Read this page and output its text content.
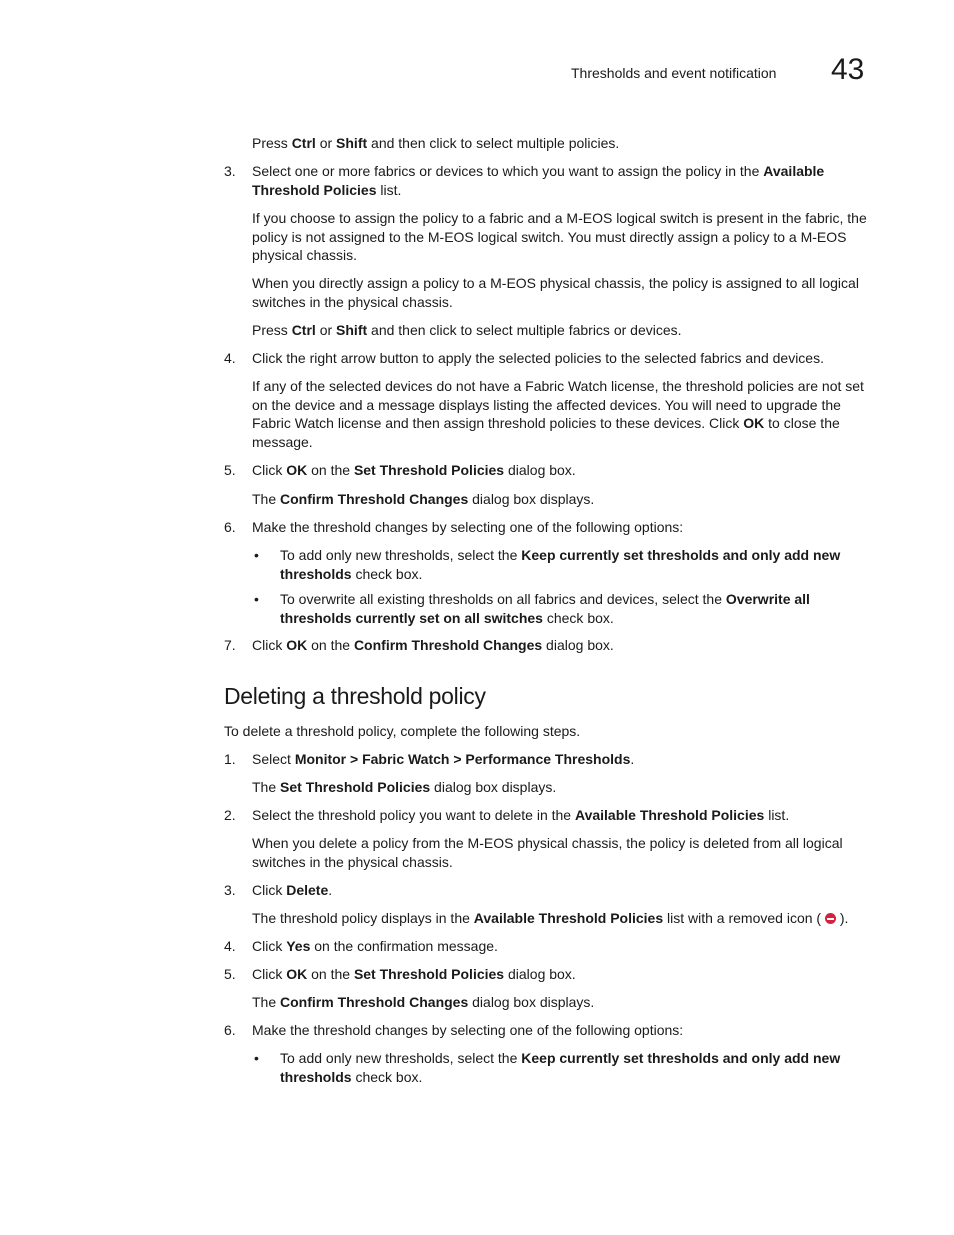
Thresholds and event notification 43

Press Ctrl or Shift and then click to select multiple policies.

3. Select one or more fabrics or devices to which you want to assign the policy in the Available Threshold Policies list.

If you choose to assign the policy to a fabric and a M-EOS logical switch is present in the fabric, the policy is not assigned to the M-EOS logical switch. You must directly assign a policy to a M-EOS physical chassis.

When you directly assign a policy to a M-EOS physical chassis, the policy is assigned to all logical switches in the physical chassis.

Press Ctrl or Shift and then click to select multiple fabrics or devices.

4. Click the right arrow button to apply the selected policies to the selected fabrics and devices.

If any of the selected devices do not have a Fabric Watch license, the threshold policies are not set on the device and a message displays listing the affected devices. You will need to upgrade the Fabric Watch license and then assign threshold policies to these devices. Click OK to close the message.

5. Click OK on the Set Threshold Policies dialog box.

The Confirm Threshold Changes dialog box displays.

6. Make the threshold changes by selecting one of the following options:

• To add only new thresholds, select the Keep currently set thresholds and only add new thresholds check box.

• To overwrite all existing thresholds on all fabrics and devices, select the Overwrite all thresholds currently set on all switches check box.

7. Click OK on the Confirm Threshold Changes dialog box.

Deleting a threshold policy

To delete a threshold policy, complete the following steps.

1. Select Monitor > Fabric Watch > Performance Thresholds.

The Set Threshold Policies dialog box displays.

2. Select the threshold policy you want to delete in the Available Threshold Policies list.

When you delete a policy from the M-EOS physical chassis, the policy is deleted from all logical switches in the physical chassis.

3. Click Delete.

The threshold policy displays in the Available Threshold Policies list with a removed icon (  ).

4. Click Yes on the confirmation message.

5. Click OK on the Set Threshold Policies dialog box.

The Confirm Threshold Changes dialog box displays.

6. Make the threshold changes by selecting one of the following options:

• To add only new thresholds, select the Keep currently set thresholds and only add new thresholds check box.
